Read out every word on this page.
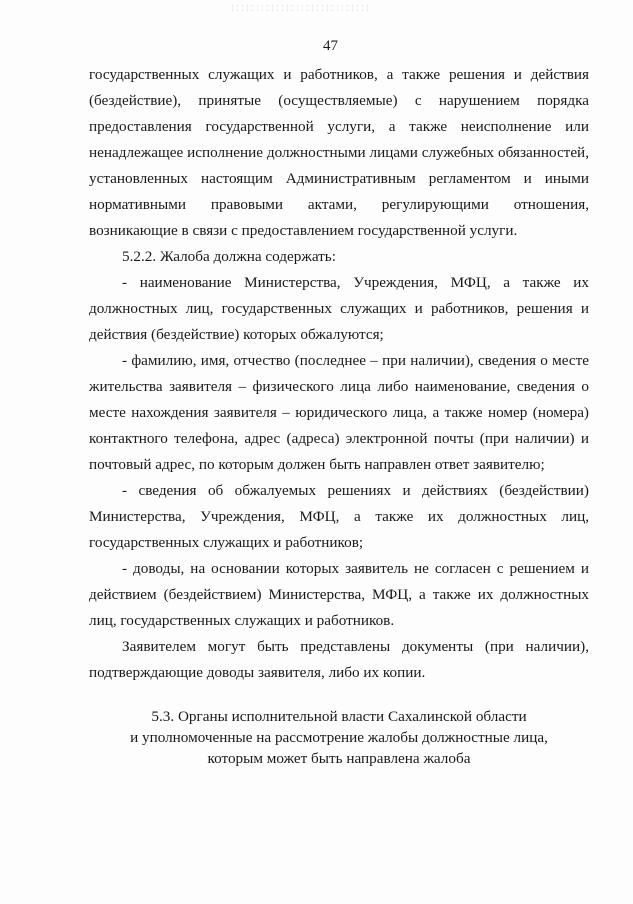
47

государственных служащих и работников, а также решения и действия (бездействие), принятые (осуществляемые) с нарушением порядка предоставления государственной услуги, а также неисполнение или ненадлежащее исполнение должностными лицами служебных обязанностей, установленных настоящим Административным регламентом и иными нормативными правовыми актами, регулирующими отношения, возникающие в связи с предоставлением государственной услуги.

5.2.2. Жалоба должна содержать:

- наименование Министерства, Учреждения, МФЦ, а также их должностных лиц, государственных служащих и работников, решения и действия (бездействие) которых обжалуются;

- фамилию, имя, отчество (последнее – при наличии), сведения о месте жительства заявителя – физического лица либо наименование, сведения о месте нахождения заявителя – юридического лица, а также номер (номера) контактного телефона, адрес (адреса) электронной почты (при наличии) и почтовый адрес, по которым должен быть направлен ответ заявителю;

- сведения об обжалуемых решениях и действиях (бездействии) Министерства, Учреждения, МФЦ, а также их должностных лиц, государственных служащих и работников;

- доводы, на основании которых заявитель не согласен с решением и действием (бездействием) Министерства, МФЦ, а также их должностных лиц, государственных служащих и работников.

Заявителем могут быть представлены документы (при наличии), подтверждающие доводы заявителя, либо их копии.

5.3. Органы исполнительной власти Сахалинской области
и уполномоченные на рассмотрение жалобы должностные лица,
которым может быть направлена жалоба
